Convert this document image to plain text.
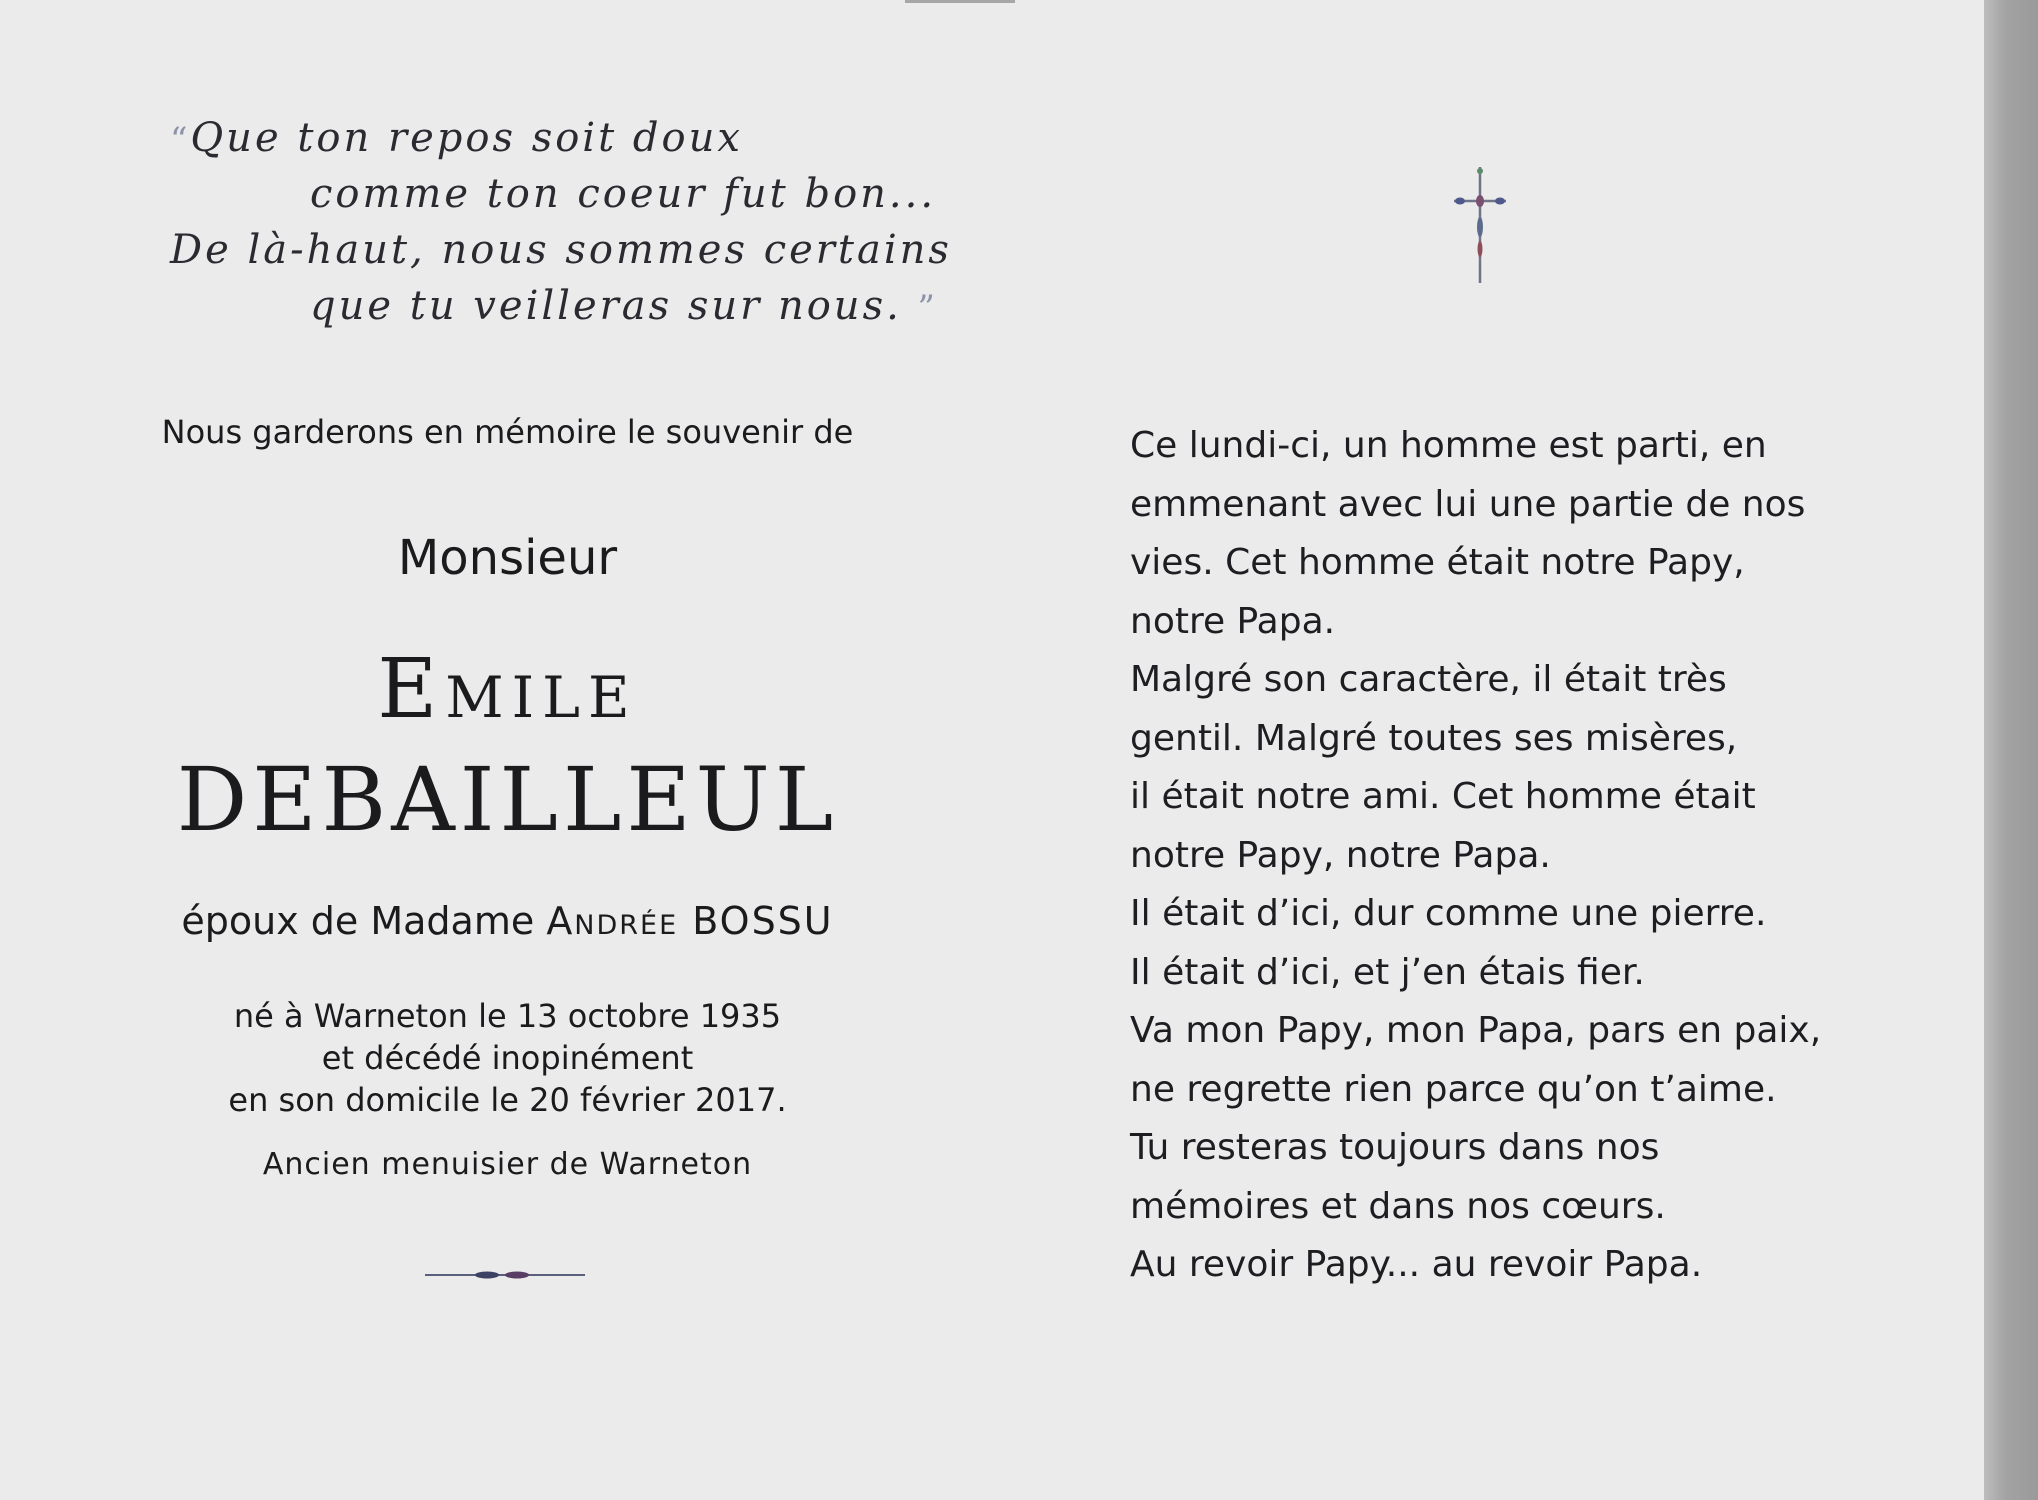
“Que ton repos soit doux
comme ton coeur fut bon...
De là-haut, nous sommes certains
que tu veilleras sur nous. ”
Nous garderons en mémoire le souvenir de
Monsieur
Emile
DEBAILLEUL
époux de Madame Andrée BOSSU
né à Warneton le 13 octobre 1935
et décédé inopinément
en son domicile le 20 février 2017.
Ancien menuisier de Warneton
Ce lundi-ci, un homme est parti, en
emmenant avec lui une partie de nos
vies. Cet homme était notre Papy,
notre Papa.
Malgré son caractère, il était très
gentil. Malgré toutes ses misères,
il était notre ami. Cet homme était
notre Papy, notre Papa.
Il était d’ici, dur comme une pierre.
Il était d’ici, et j’en étais fier.
Va mon Papy, mon Papa, pars en paix,
ne regrette rien parce qu’on t’aime.
Tu resteras toujours dans nos
mémoires et dans nos cœurs.
Au revoir Papy... au revoir Papa.
